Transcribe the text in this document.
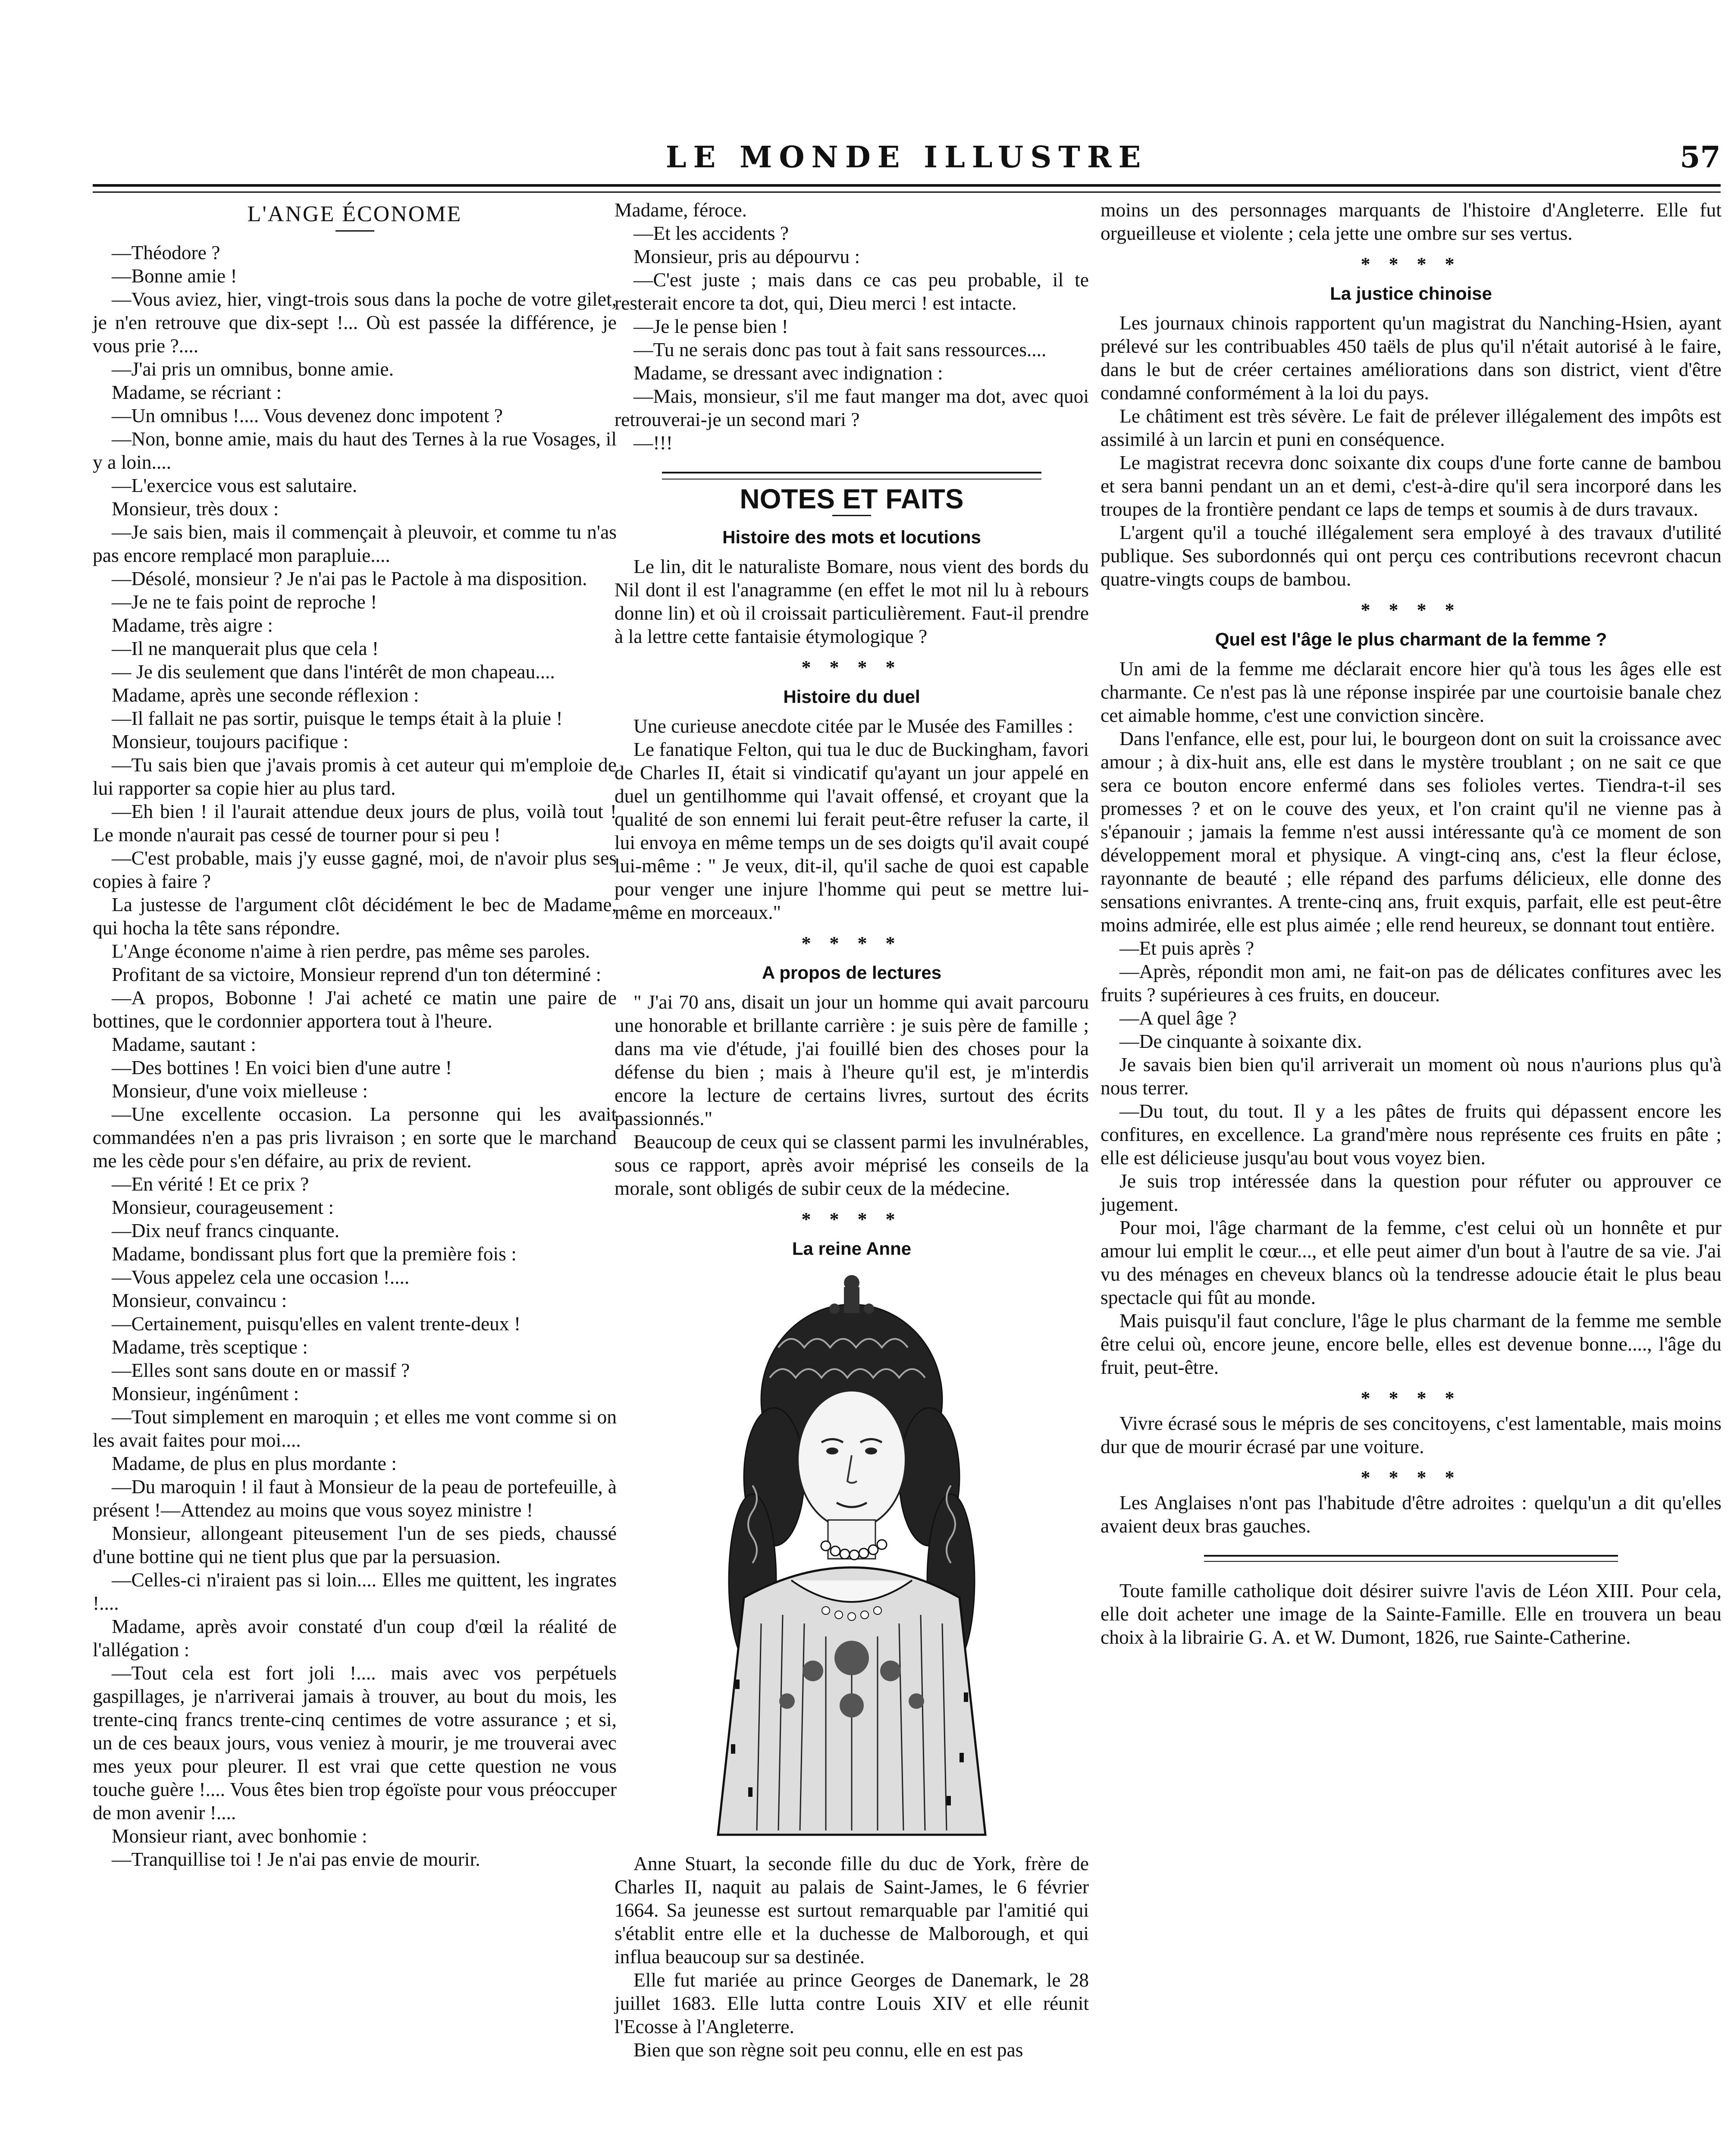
LE MONDE ILLUSTRE	57
L'ANGE ÉCONOME

—Théodore ?

—Bonne amie !

—Vous aviez, hier, vingt-trois sous dans la poche de votre gilet, je n'en retrouve que dix-sept !... Où est passée la différence, je vous prie ?....

—J'ai pris un omnibus, bonne amie.

Madame, se récriant :

—Un omnibus !.... Vous devenez donc impotent ?

—Non, bonne amie, mais du haut des Ternes à la rue Vosages, il y a loin....

—L'exercice vous est salutaire.

Monsieur, très doux :

—Je sais bien, mais il commençait à pleuvoir, et comme tu n'as pas encore remplacé mon parapluie....

—Désolé, monsieur ? Je n'ai pas le Pactole à ma disposition.

—Je ne te fais point de reproche !

Madame, très aigre :

—Il ne manquerait plus que cela !

— Je dis seulement que dans l'intérêt de mon chapeau....

Madame, après une seconde réflexion :

—Il fallait ne pas sortir, puisque le temps était à la pluie !

Monsieur, toujours pacifique :

—Tu sais bien que j'avais promis à cet auteur qui m'emploie de lui rapporter sa copie hier au plus tard.

—Eh bien ! il l'aurait attendue deux jours de plus, voilà tout ! Le monde n'aurait pas cessé de tourner pour si peu !

—C'est probable, mais j'y eusse gagné, moi, de n'avoir plus ses copies à faire ?

La justesse de l'argument clôt décidément le bec de Madame, qui hocha la tête sans répondre.

L'Ange économe n'aime à rien perdre, pas même ses paroles.

Profitant de sa victoire, Monsieur reprend d'un ton déterminé :

—A propos, Bobonne ! J'ai acheté ce matin une paire de bottines, que le cordonnier apportera tout à l'heure.

Madame, sautant :

—Des bottines ! En voici bien d'une autre !

Monsieur, d'une voix mielleuse :

—Une excellente occasion. La personne qui les avait commandées n'en a pas pris livraison ; en sorte que le marchand me les cède pour s'en défaire, au prix de revient.

—En vérité ! Et ce prix ?

Monsieur, courageusement :

—Dix neuf francs cinquante.

Madame, bondissant plus fort que la première fois :

—Vous appelez cela une occasion !....

Monsieur, convaincu :

—Certainement, puisqu'elles en valent trente-deux !

Madame, très sceptique :

—Elles sont sans doute en or massif ?

Monsieur, ingénûment :

—Tout simplement en maroquin ; et elles me vont comme si on les avait faites pour moi....

Madame, de plus en plus mordante :

—Du maroquin ! il faut à Monsieur de la peau de portefeuille, à présent !—Attendez au moins que vous soyez ministre !

Monsieur, allongeant piteusement l'un de ses pieds, chaussé d'une bottine qui ne tient plus que par la persuasion.

—Celles-ci n'iraient pas si loin.... Elles me quittent, les ingrates !....

Madame, après avoir constaté d'un coup d'œil la réalité de l'allégation :

—Tout cela est fort joli !.... mais avec vos perpétuels gaspillages, je n'arriverai jamais à trouver, au bout du mois, les trente-cinq francs trente-cinq centimes de votre assurance ; et si, un de ces beaux jours, vous veniez à mourir, je me trouverai avec mes yeux pour pleurer. Il est vrai que cette question ne vous touche guère !.... Vous êtes bien trop égoïste pour vous préoccuper de mon avenir !....

Monsieur riant, avec bonhomie :

—Tranquillise toi ! Je n'ai pas envie de mourir.

Madame, féroce.

—Et les accidents ?

Monsieur, pris au dépourvu :

—C'est juste ; mais dans ce cas peu probable, il te resterait encore ta dot, qui, Dieu merci ! est intacte.

—Je le pense bien !

—Tu ne serais donc pas tout à fait sans ressources....

Madame, se dressant avec indignation :

—Mais, monsieur, s'il me faut manger ma dot, avec quoi retrouverai-je un second mari ?

—!!!

NOTES ET FAITS
Histoire des mots et locutions

Le lin, dit le naturaliste Bomare, nous vient des bords du Nil dont il est l'anagramme (en effet le mot nil lu à rebours donne lin) et où il croissait particulièrement. Faut-il prendre à la lettre cette fantaisie étymologique ?

* * * *
Histoire du duel

Une curieuse anecdote citée par le Musée des Familles :

Le fanatique Felton, qui tua le duc de Buckingham, favori de Charles II, était si vindicatif qu'ayant un jour appelé en duel un gentilhomme qui l'avait offensé, et croyant que la qualité de son ennemi lui ferait peut-être refuser la carte, il lui envoya en même temps un de ses doigts qu'il avait coupé lui-même : " Je veux, dit-il, qu'il sache de quoi est capable pour venger une injure l'homme qui peut se mettre lui-même en morceaux."

* * * *
A propos de lectures

" J'ai 70 ans, disait un jour un homme qui avait parcouru une honorable et brillante carrière : je suis père de famille ; dans ma vie d'étude, j'ai fouillé bien des choses pour la défense du bien ; mais à l'heure qu'il est, je m'interdis encore la lecture de certains livres, surtout des écrits passionnés."

Beaucoup de ceux qui se classent parmi les invulnérables, sous ce rapport, après avoir méprisé les conseils de la morale, sont obligés de subir ceux de la médecine.

* * * *
La reine Anne

Anne Stuart, la seconde fille du duc de York, frère de Charles II, naquit au palais de Saint-James, le 6 février 1664. Sa jeunesse est surtout remarquable par l'amitié qui s'établit entre elle et la duchesse de Malborough, et qui influa beaucoup sur sa destinée.

Elle fut mariée au prince Georges de Danemark, le 28 juillet 1683. Elle lutta contre Louis XIV et elle réunit l'Ecosse à l'Angleterre.

Bien que son règne soit peu connu, elle en est pas

moins un des personnages marquants de l'histoire d'Angleterre. Elle fut orgueilleuse et violente ; cela jette une ombre sur ses vertus.

* * * *
La justice chinoise

Les journaux chinois rapportent qu'un magistrat du Nanching-Hsien, ayant prélevé sur les contribuables 450 taëls de plus qu'il n'était autorisé à le faire, dans le but de créer certaines améliorations dans son district, vient d'être condamné conformément à la loi du pays.

Le châtiment est très sévère. Le fait de prélever illégalement des impôts est assimilé à un larcin et puni en conséquence.

Le magistrat recevra donc soixante dix coups d'une forte canne de bambou et sera banni pendant un an et demi, c'est-à-dire qu'il sera incorporé dans les troupes de la frontière pendant ce laps de temps et soumis à de durs travaux.

L'argent qu'il a touché illégalement sera employé à des travaux d'utilité publique. Ses subordonnés qui ont perçu ces contributions recevront chacun quatre-vingts coups de bambou.

* * * *
Quel est l'âge le plus charmant de la femme ?

Un ami de la femme me déclarait encore hier qu'à tous les âges elle est charmante. Ce n'est pas là une réponse inspirée par une courtoisie banale chez cet aimable homme, c'est une conviction sincère.

Dans l'enfance, elle est, pour lui, le bourgeon dont on suit la croissance avec amour ; à dix-huit ans, elle est dans le mystère troublant ; on ne sait ce que sera ce bouton encore enfermé dans ses folioles vertes. Tiendra-t-il ses promesses ? et on le couve des yeux, et l'on craint qu'il ne vienne pas à s'épanouir ; jamais la femme n'est aussi intéressante qu'à ce moment de son développement moral et physique. A vingt-cinq ans, c'est la fleur éclose, rayonnante de beauté ; elle répand des parfums délicieux, elle donne des sensations enivrantes. A trente-cinq ans, fruit exquis, parfait, elle est peut-être moins admirée, elle est plus aimée ; elle rend heureux, se donnant tout entière.

—Et puis après ?

—Après, répondit mon ami, ne fait-on pas de délicates confitures avec les fruits ? supérieures à ces fruits, en douceur.

—A quel âge ?

—De cinquante à soixante dix.

Je savais bien bien qu'il arriverait un moment où nous n'aurions plus qu'à nous terrer.

—Du tout, du tout. Il y a les pâtes de fruits qui dépassent encore les confitures, en excellence. La grand'mère nous représente ces fruits en pâte ; elle est délicieuse jusqu'au bout vous voyez bien.

Je suis trop intéressée dans la question pour réfuter ou approuver ce jugement.

Pour moi, l'âge charmant de la femme, c'est celui où un honnête et pur amour lui emplit le cœur..., et elle peut aimer d'un bout à l'autre de sa vie. J'ai vu des ménages en cheveux blancs où la tendresse adoucie était le plus beau spectacle qui fût au monde.

Mais puisqu'il faut conclure, l'âge le plus charmant de la femme me semble être celui où, encore jeune, encore belle, elles est devenue bonne...., l'âge du fruit, peut-être.

* * * *

Vivre écrasé sous le mépris de ses concitoyens, c'est lamentable, mais moins dur que de mourir écrasé par une voiture.

* * * *

Les Anglaises n'ont pas l'habitude d'être adroites : quelqu'un a dit qu'elles avaient deux bras gauches.

Toute famille catholique doit désirer suivre l'avis de Léon XIII. Pour cela, elle doit acheter une image de la Sainte-Famille. Elle en trouvera un beau choix à la librairie G. A. et W. Dumont, 1826, rue Sainte-Catherine.
